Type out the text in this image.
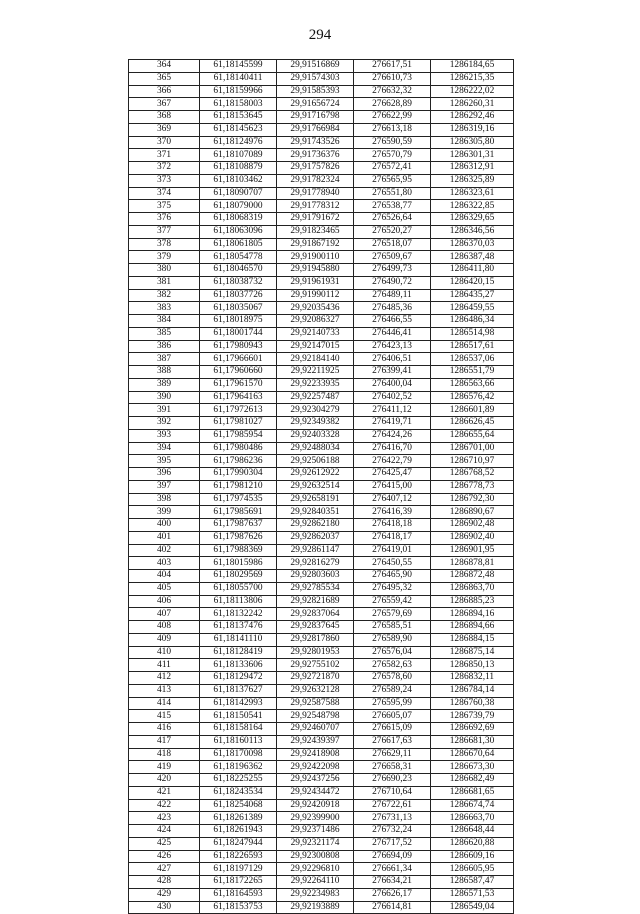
294
364	61,18145599	29,91516869	276617,51	1286184,65
365	61,18140411	29,91574303	276610,73	1286215,35
366	61,18159966	29,91585393	276632,32	1286222,02
367	61,18158003	29,91656724	276628,89	1286260,31
368	61,18153645	29,91716798	276622,99	1286292,46
369	61,18145623	29,91766984	276613,18	1286319,16
370	61,18124976	29,91743526	276590,59	1286305,80
371	61,18107089	29,91736376	276570,79	1286301,31
372	61,18108879	29,91757826	276572,41	1286312,91
373	61,18103462	29,91782324	276565,95	1286325,89
374	61,18090707	29,91778940	276551,80	1286323,61
375	61,18079000	29,91778312	276538,77	1286322,85
376	61,18068319	29,91791672	276526,64	1286329,65
377	61,18063096	29,91823465	276520,27	1286346,56
378	61,18061805	29,91867192	276518,07	1286370,03
379	61,18054778	29,91900110	276509,67	1286387,48
380	61,18046570	29,91945880	276499,73	1286411,80
381	61,18038732	29,91961931	276490,72	1286420,15
382	61,18037726	29,91990112	276489,11	1286435,27
383	61,18035067	29,92035436	276485,36	1286459,55
384	61,18018975	29,92086327	276466,55	1286486,34
385	61,18001744	29,92140733	276446,41	1286514,98
386	61,17980943	29,92147015	276423,13	1286517,61
387	61,17966601	29,92184140	276406,51	1286537,06
388	61,17960660	29,92211925	276399,41	1286551,79
389	61,17961570	29,92233935	276400,04	1286563,66
390	61,17964163	29,92257487	276402,52	1286576,42
391	61,17972613	29,92304279	276411,12	1286601,89
392	61,17981027	29,92349382	276419,71	1286626,45
393	61,17985954	29,92403328	276424,26	1286655,64
394	61,17980486	29,92488034	276416,70	1286701,00
395	61,17986236	29,92506188	276422,79	1286710,97
396	61,17990304	29,92612922	276425,47	1286768,52
397	61,17981210	29,92632514	276415,00	1286778,73
398	61,17974535	29,92658191	276407,12	1286792,30
399	61,17985691	29,92840351	276416,39	1286890,67
400	61,17987637	29,92862180	276418,18	1286902,48
401	61,17987626	29,92862037	276418,17	1286902,40
402	61,17988369	29,92861147	276419,01	1286901,95
403	61,18015986	29,92816279	276450,55	1286878,81
404	61,18029569	29,92803603	276465,90	1286872,48
405	61,18055700	29,92785534	276495,32	1286863,70
406	61,18113806	29,92821689	276559,42	1286885,23
407	61,18132242	29,92837064	276579,69	1286894,16
408	61,18137476	29,92837645	276585,51	1286894,66
409	61,18141110	29,92817860	276589,90	1286884,15
410	61,18128419	29,92801953	276576,04	1286875,14
411	61,18133606	29,92755102	276582,63	1286850,13
412	61,18129472	29,92721870	276578,60	1286832,11
413	61,18137627	29,92632128	276589,24	1286784,14
414	61,18142993	29,92587588	276595,99	1286760,38
415	61,18150541	29,92548798	276605,07	1286739,79
416	61,18158164	29,92460707	276615,09	1286692,69
417	61,18160113	29,92439397	276617,63	1286681,30
418	61,18170098	29,92418908	276629,11	1286670,64
419	61,18196362	29,92422098	276658,31	1286673,30
420	61,18225255	29,92437256	276690,23	1286682,49
421	61,18243534	29,92434472	276710,64	1286681,65
422	61,18254068	29,92420918	276722,61	1286674,74
423	61,18261389	29,92399900	276731,13	1286663,70
424	61,18261943	29,92371486	276732,24	1286648,44
425	61,18247944	29,92321174	276717,52	1286620,88
426	61,18226593	29,92300808	276694,09	1286609,16
427	61,18197129	29,92296810	276661,34	1286605,95
428	61,18172265	29,92264110	276634,21	1286587,47
429	61,18164593	29,92234983	276626,17	1286571,53
430	61,18153753	29,92193889	276614,81	1286549,04
